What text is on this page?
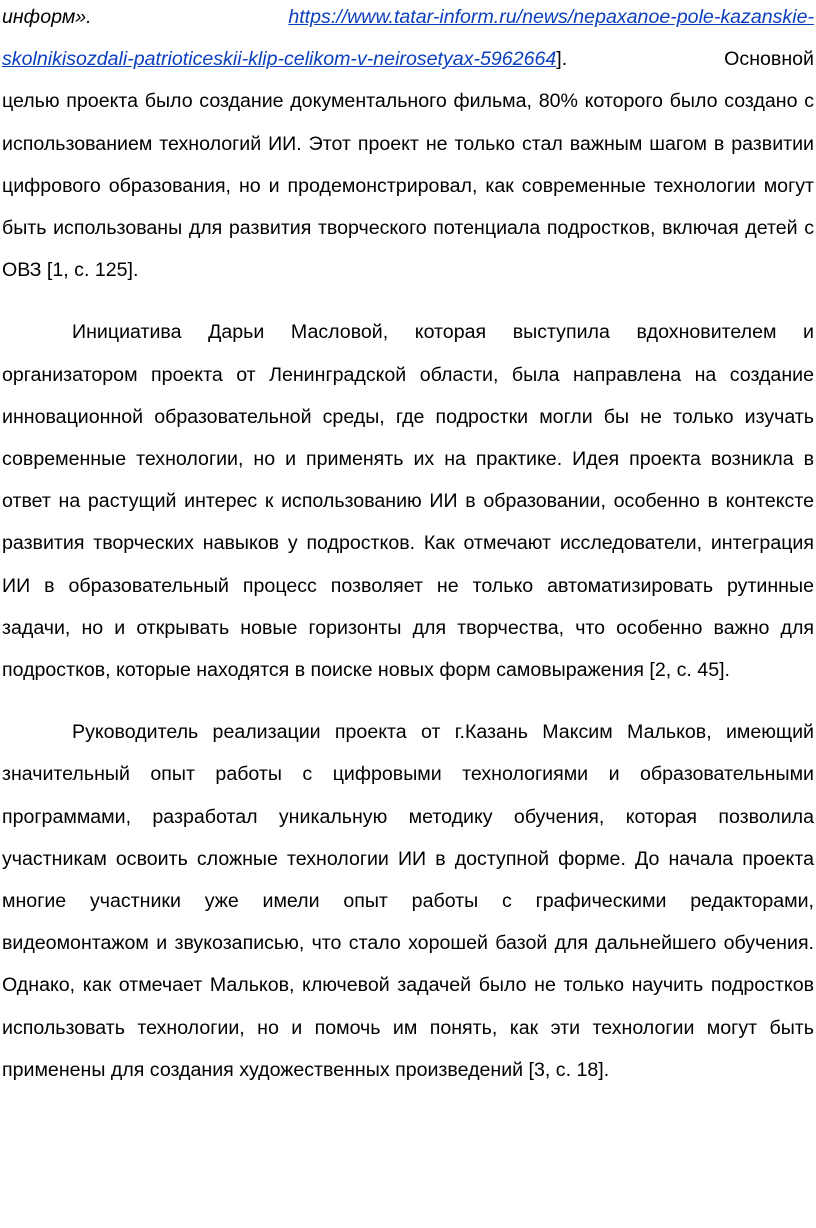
информ».	https://www.tatar-inform.ru/news/nepaxanoe-pole-kazanskie-
skolnikisozdali-patrioticeskii-klip-celikom-v-neirosetyax-5962664].	Основной

целью проекта было создание документального фильма, 80% которого было создано с использованием технологий ИИ. Этот проект не только стал важным шагом в развитии цифрового образования, но и продемонстрировал, как современные технологии могут быть использованы для развития творческого потенциала подростков, включая детей с ОВЗ [1, с. 125].

Инициатива Дарьи Масловой, которая выступила вдохновителем и организатором проекта от Ленинградской области, была направлена на создание инновационной образовательной среды, где подростки могли бы не только изучать современные технологии, но и применять их на практике. Идея проекта возникла в ответ на растущий интерес к использованию ИИ в образовании, особенно в контексте развития творческих навыков у подростков. Как отмечают исследователи, интеграция ИИ в образовательный процесс позволяет не только автоматизировать рутинные задачи, но и открывать новые горизонты для творчества, что особенно важно для подростков, которые находятся в поиске новых форм самовыражения [2, с. 45].

Руководитель реализации проекта от г.Казань Максим Мальков, имеющий значительный опыт работы с цифровыми технологиями и образовательными программами, разработал уникальную методику обучения, которая позволила участникам освоить сложные технологии ИИ в доступной форме. До начала проекта многие участники уже имели опыт работы с графическими редакторами, видеомонтажом и звукозаписью, что стало хорошей базой для дальнейшего обучения. Однако, как отмечает Мальков, ключевой задачей было не только научить подростков использовать технологии, но и помочь им понять, как эти технологии могут быть применены для создания художественных произведений [3, с. 18].
